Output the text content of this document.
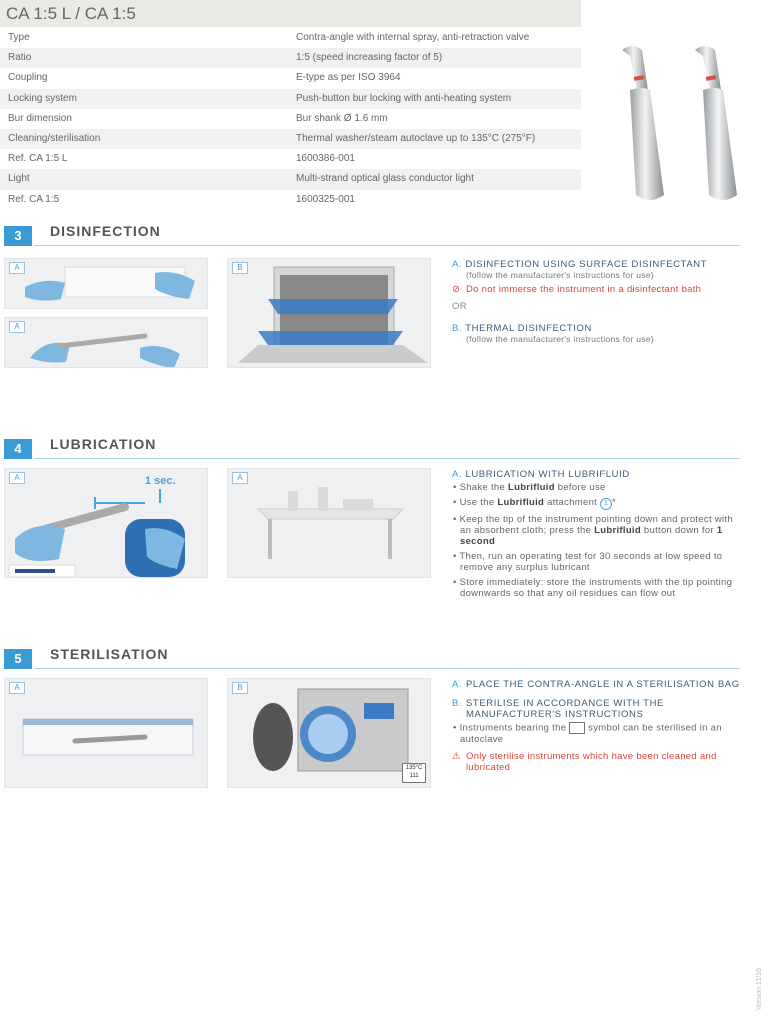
CA 1:5 L / CA 1:5
Type	Contra-angle with internal spray, anti-retraction valve
Ratio	1:5 (speed increasing factor of 5)
Coupling	E-type as per ISO 3964
Locking system	Push-button bur locking with anti-heating system
Bur dimension	Bur shank Ø 1.6 mm
Cleaning/sterilisation	Thermal washer/steam autoclave up to 135°C (275°F)
Ref. CA 1:5 L	1600386-001
Light	Multi-strand optical glass conductor light
Ref. CA 1:5	1600325-001
3	DISINFECTION
A
A
B	A. DISINFECTION USING SURFACE DISINFECTANT
(follow the manufacturer's instructions for use)
⊘ Do not immerse the instrument in a disinfectant bath
OR
B. THERMAL DISINFECTION
(follow the manufacturer's instructions for use)
4	LUBRICATION
A	1 sec.	A	A. LUBRICATION WITH LUBRIFLUID
• Shake the Lubrifluid before use
• Use the Lubrifluid attachment 1 *
• Keep the tip of the instrument pointing down and protect with an absorbent cloth; press the Lubrifluid button down for 1 second
• Then, run an operating test for 30 seconds at low speed to remove any surplus lubricant
• Store immediately: store the instruments with the tip pointing downwards so that any oil residues can flow out
5	STERILISATION
A	B
135°C
111
A. PLACE THE CONTRA-ANGLE IN A STERILISATION BAG
B. STERILISE IN ACCORDANCE WITH THE MANUFACTURER'S INSTRUCTIONS
• Instruments bearing the  symbol can be sterilised in an autoclave
⚠ Only sterilise instruments which have been cleaned and lubricated
Version 11/16
